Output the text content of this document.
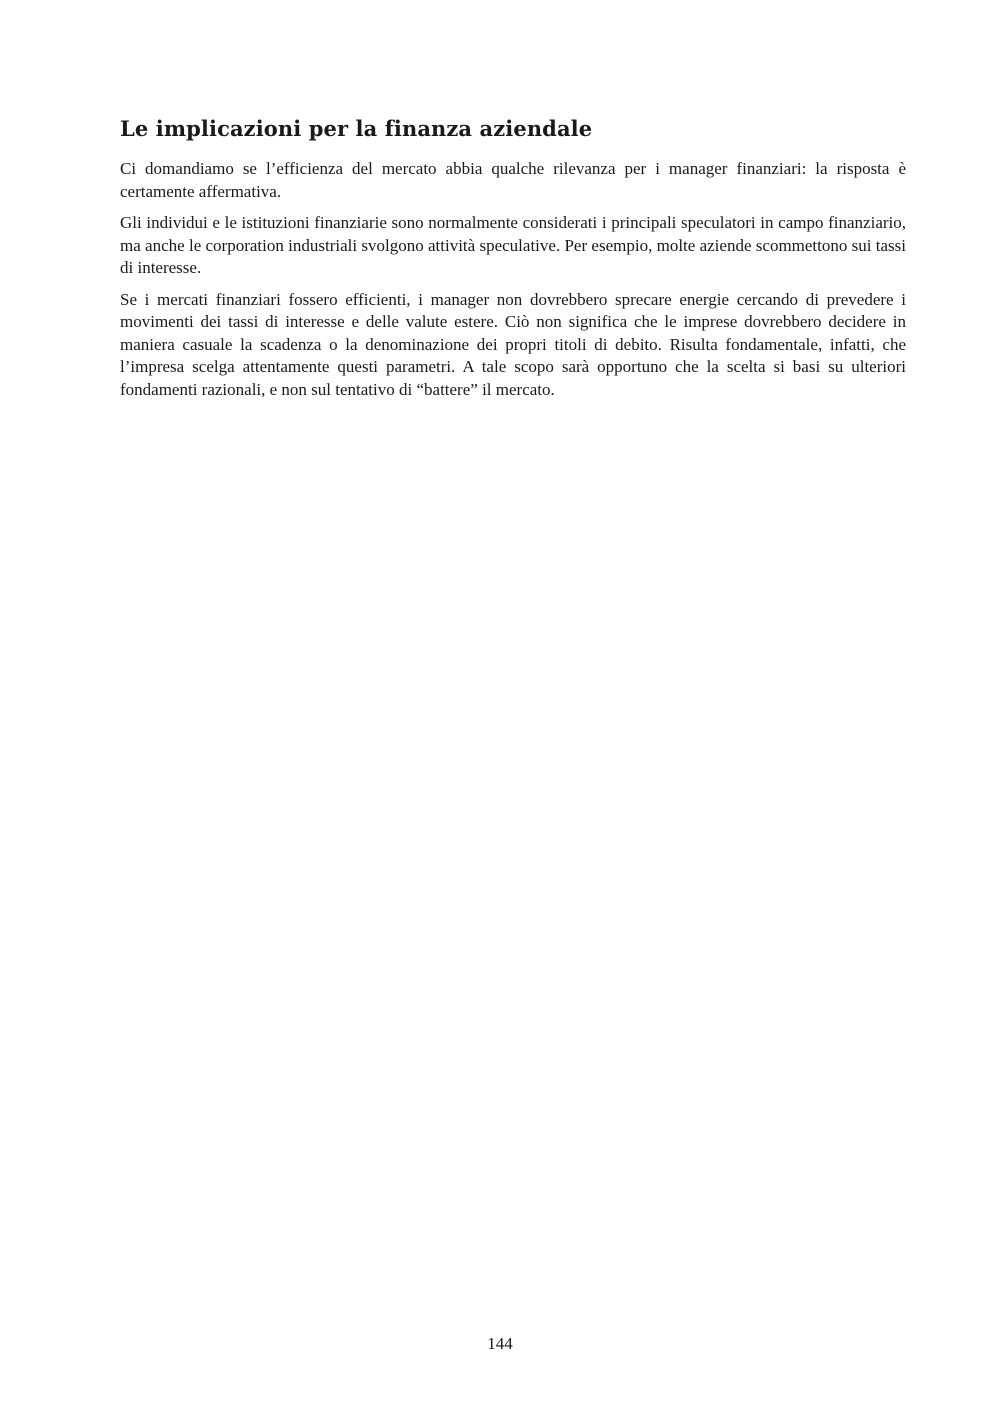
Le implicazioni per la finanza aziendale

Ci domandiamo se l’efficienza del mercato abbia qualche rilevanza per i manager finanziari: la risposta è certamente affermativa.

Gli individui e le istituzioni finanziarie sono normalmente considerati i principali speculatori in campo finanziario, ma anche le corporation industriali svolgono attività speculative. Per esempio, molte aziende scommettono sui tassi di interesse.

Se i mercati finanziari fossero efficienti, i manager non dovrebbero sprecare energie cercando di prevedere i movimenti dei tassi di interesse e delle valute estere. Ciò non significa che le imprese dovrebbero decidere in maniera casuale la scadenza o la denominazione dei propri titoli di debito. Risulta fondamentale, infatti, che l’impresa scelga attentamente questi parametri. A tale scopo sarà opportuno che la scelta si basi su ulteriori fondamenti razionali, e non sul tentativo di “battere” il mercato.

144
